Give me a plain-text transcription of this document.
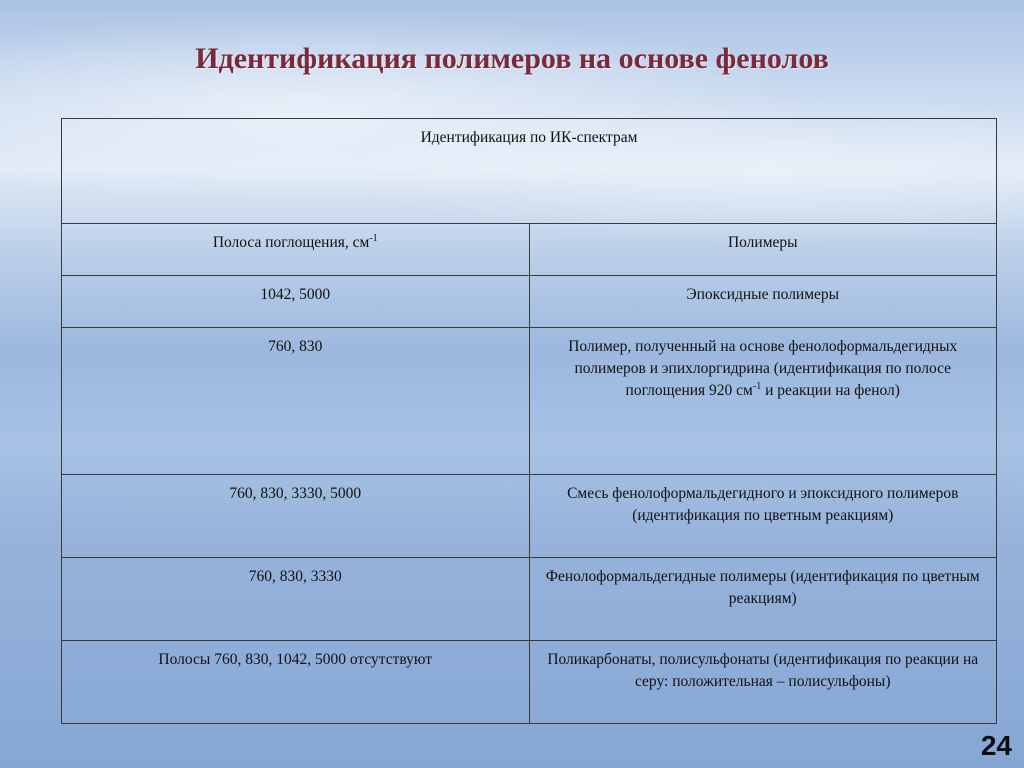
Идентификация полимеров на основе фенолов
Идентификация по ИК-спектрам	
Полоса поглощения, $см^{-1}$	Полимеры
1042, 5000	Эпоксидные полимеры
760, 830	Полимер, полученный на основе фенолоформальдегидных полимеров и эпихлоргидрина (идентификация по полосе поглощения 920 $см^{-1}$ и реакции на фенол)
760, 830, 3330, 5000	Смесь фенолоформальдегидного и эпоксидного полимеров (идентификация по цветным реакциям)
760, 830, 3330	Фенолоформальдегидные полимеры (идентификация по цветным реакциям)
Полосы 760, 830, 1042, 5000 отсутствуют	Поликарбонаты, полисульфонаты (идентификация по реакции на серу: положительная – полисульфоны)
24
